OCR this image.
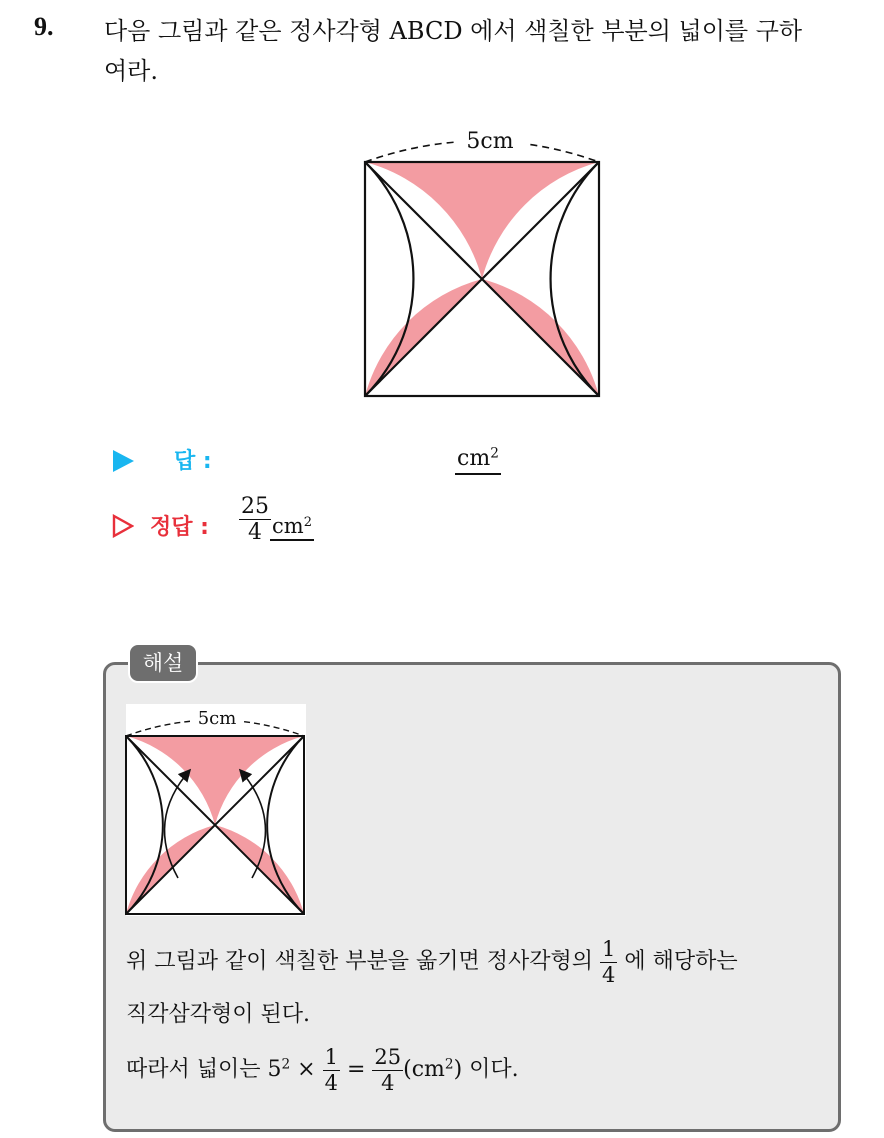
9. 다음 그림과 같은 정사각형 ABCD 에서 색칠한 부분의 넓이를 구하
여라.
5cm
답 :	$cm^2$
정답 : $\frac{25}{4} cm^2$
해설
5cm
위 그림과 같이 색칠한 부분을 옮기면 정사각형의 $\frac{1}{4}$ 에 해당하는
직각삼각형이 된다.
따라서 넓이는 $5^2 \times \frac{1}{4} = \frac{25}{4} (cm^2)$ 이다.
